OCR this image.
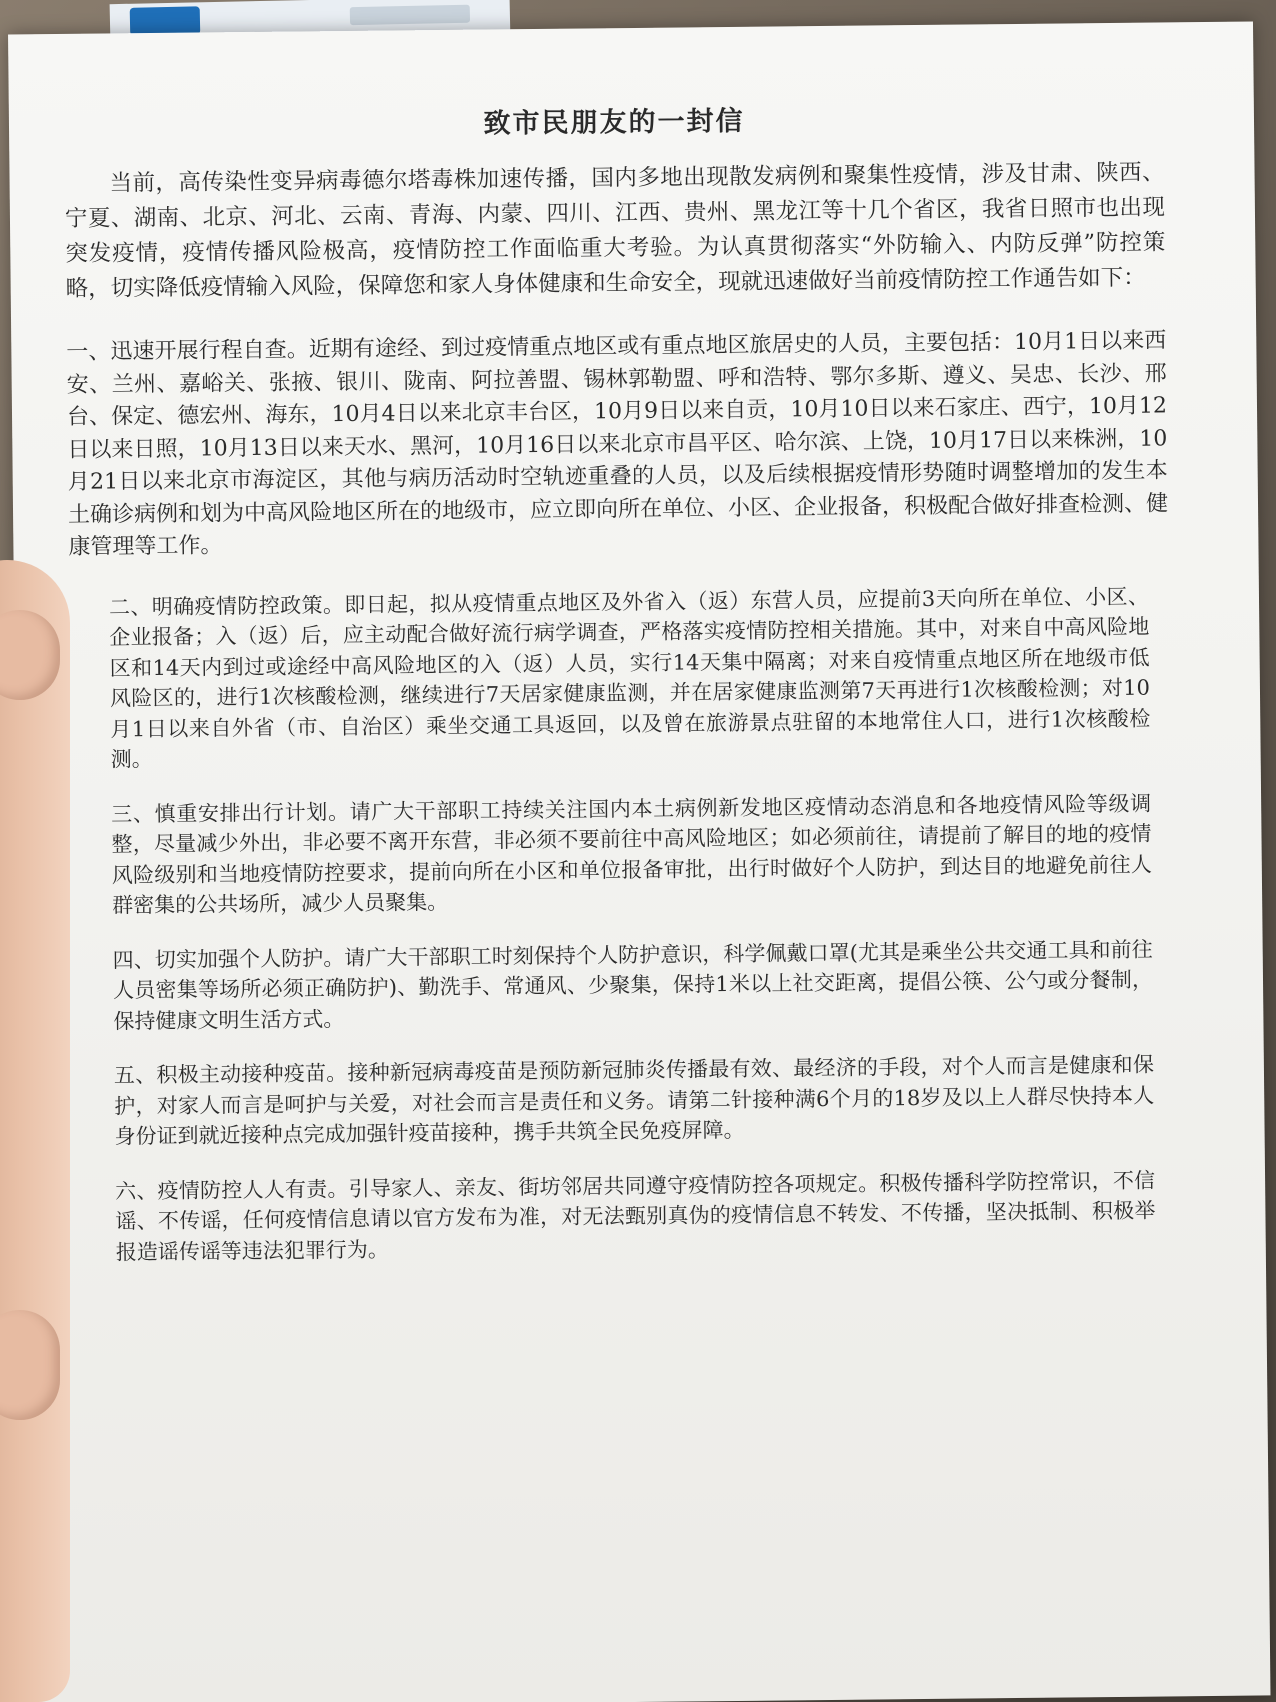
致市民朋友的一封信

当前，高传染性变异病毒德尔塔毒株加速传播，国内多地出现散发病例和聚集性疫情，涉及甘肃、陕西、宁夏、湖南、北京、河北、云南、青海、内蒙、四川、江西、贵州、黑龙江等十几个省区，我省日照市也出现突发疫情，疫情传播风险极高，疫情防控工作面临重大考验。为认真贯彻落实“外防输入、内防反弹”防控策略，切实降低疫情输入风险，保障您和家人身体健康和生命安全，现就迅速做好当前疫情防控工作通告如下：

一、迅速开展行程自查。近期有途经、到过疫情重点地区或有重点地区旅居史的人员，主要包括：10月1日以来西安、兰州、嘉峪关、张掖、银川、陇南、阿拉善盟、锡林郭勒盟、呼和浩特、鄂尔多斯、遵义、吴忠、长沙、邢台、保定、德宏州、海东，10月4日以来北京丰台区，10月9日以来自贡，10月10日以来石家庄、西宁，10月12日以来日照，10月13日以来天水、黑河，10月16日以来北京市昌平区、哈尔滨、上饶，10月17日以来株洲，10月21日以来北京市海淀区，其他与病历活动时空轨迹重叠的人员，以及后续根据疫情形势随时调整增加的发生本土确诊病例和划为中高风险地区所在的地级市，应立即向所在单位、小区、企业报备，积极配合做好排查检测、健康管理等工作。

二、明确疫情防控政策。即日起，拟从疫情重点地区及外省入（返）东营人员，应提前3天向所在单位、小区、企业报备；入（返）后，应主动配合做好流行病学调查，严格落实疫情防控相关措施。其中，对来自中高风险地区和14天内到过或途经中高风险地区的入（返）人员，实行14天集中隔离；对来自疫情重点地区所在地级市低风险区的，进行1次核酸检测，继续进行7天居家健康监测，并在居家健康监测第7天再进行1次核酸检测；对10月1日以来自外省（市、自治区）乘坐交通工具返回，以及曾在旅游景点驻留的本地常住人口，进行1次核酸检测。

三、慎重安排出行计划。请广大干部职工持续关注国内本土病例新发地区疫情动态消息和各地疫情风险等级调整，尽量减少外出，非必要不离开东营，非必须不要前往中高风险地区；如必须前往，请提前了解目的地的疫情风险级别和当地疫情防控要求，提前向所在小区和单位报备审批，出行时做好个人防护，到达目的地避免前往人群密集的公共场所，减少人员聚集。

四、切实加强个人防护。请广大干部职工时刻保持个人防护意识，科学佩戴口罩(尤其是乘坐公共交通工具和前往人员密集等场所必须正确防护)、勤洗手、常通风、少聚集，保持1米以上社交距离，提倡公筷、公勺或分餐制，保持健康文明生活方式。

五、积极主动接种疫苗。接种新冠病毒疫苗是预防新冠肺炎传播最有效、最经济的手段，对个人而言是健康和保护，对家人而言是呵护与关爱，对社会而言是责任和义务。请第二针接种满6个月的18岁及以上人群尽快持本人身份证到就近接种点完成加强针疫苗接种，携手共筑全民免疫屏障。

六、疫情防控人人有责。引导家人、亲友、街坊邻居共同遵守疫情防控各项规定。积极传播科学防控常识，不信谣、不传谣，任何疫情信息请以官方发布为准，对无法甄别真伪的疫情信息不转发、不传播，坚决抵制、积极举报造谣传谣等违法犯罪行为。
